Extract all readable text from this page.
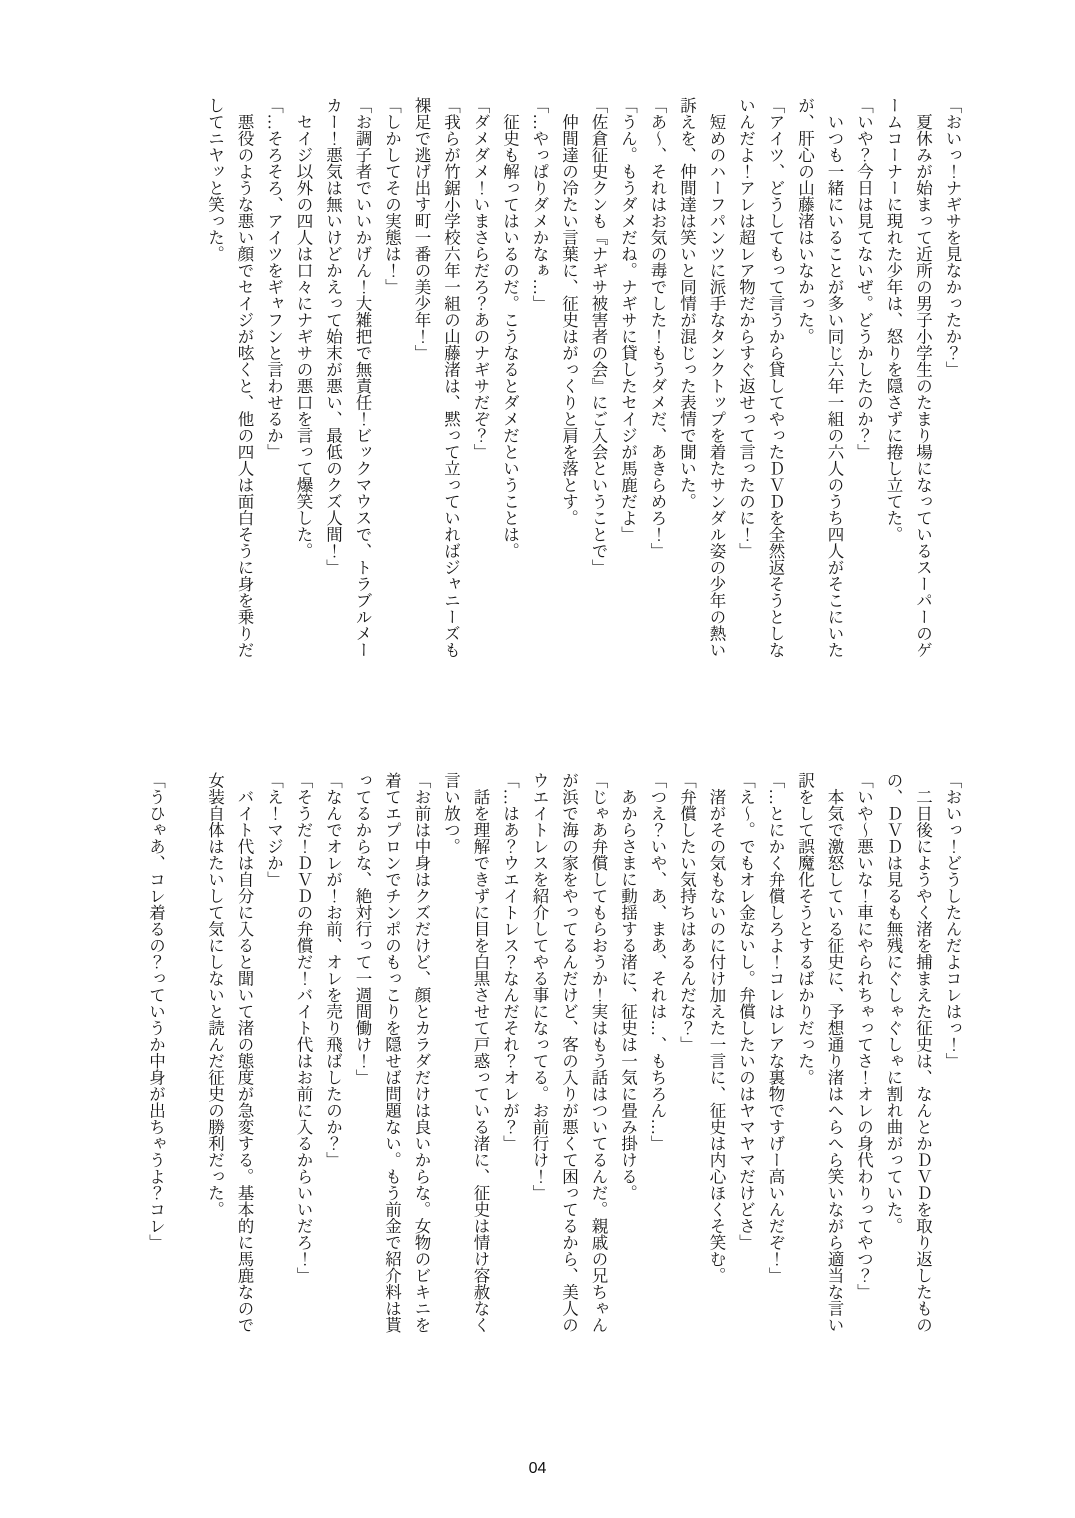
「おいっ！ナギサを見なかったか？」
　夏休みが始まって近所の男子小学生のたまり場になっているスーパーのゲ
ームコーナーに現れた少年は、怒りを隠さずに捲し立てた。
「いや？今日は見てないぜ。どうかしたのか？」
　いつも一緒にいることが多い同じ六年一組の六人のうち四人がそこにいた
が、肝心の山藤渚はいなかった。
「アイツ、どうしてもって言うから貸してやったＤＶＤを全然返そうとしな
いんだよ！アレは超レア物だからすぐ返せって言ったのに！」
　短めのハーフパンツに派手なタンクトップを着たサンダル姿の少年の熱い
訴えを、仲間達は笑いと同情が混じった表情で聞いた。
「あ〜、それはお気の毒でした！もうダメだ、あきらめろ！」
「うん。もうダメだね。ナギサに貸したセイジが馬鹿だよ」
「佐倉征史クンも『ナギサ被害者の会』にご入会ということで」
　仲間達の冷たい言葉に、征史はがっくりと肩を落とす。
「…やっぱりダメかなぁ…」
　征史も解ってはいるのだ。こうなるとダメだということは。
「ダメダメ！いまさらだろ？あのナギサだぞ？」
「我らが竹鋸小学校六年一組の山藤渚は、黙って立っていればジャニーズも
裸足で逃げ出す町一番の美少年！」
「しかしてその実態は！」
「お調子者でいいかげん！大雑把で無責任！ビックマウスで、トラブルメー
カー！悪気は無いけどかえって始末が悪い、最低のクズ人間！」
　セイジ以外の四人は口々にナギサの悪口を言って爆笑した。
「…そろそろ、アイツをギャフンと言わせるか」
　悪役のような悪い顔でセイジが呟くと、他の四人は面白そうに身を乗りだ
してニヤッと笑った。
「おいっ！どうしたんだよコレはっ！」
　二日後にようやく渚を捕まえた征史は、なんとかＤＶＤを取り返したもの
の、ＤＶＤは見るも無残にぐしゃぐしゃに割れ曲がっていた。
「いや〜悪いな！車にやられちゃってさ！オレの身代わりってやつ？」
　本気で激怒している征史に、予想通り渚はへらへら笑いながら適当な言い
訳をして誤魔化そうとするばかりだった。
「…とにかく弁償しろよ！コレはレアな裏物ですげー高いんだぞ！」
「え〜。でもオレ金ないし。弁償したいのはヤマヤマだけどさ」
　渚がその気もないのに付け加えた一言に、征史は内心ほくそ笑む。
「弁償したい気持ちはあるんだな？」
「つえ？いや、あ、まあ、それは…、もちろん…」
　あからさまに動揺する渚に、征史は一気に畳み掛ける。
「じゃあ弁償してもらおうか！実はもう話はついてるんだ。親戚の兄ちゃん
が浜で海の家をやってるんだけど、客の入りが悪くて困ってるから、美人の
ウエイトレスを紹介してやる事になってる。お前行け！」
「…はあ？ウエイトレス？なんだそれ？オレが？」
　話を理解できずに目を白黒させて戸惑っている渚に、征史は情け容赦なく
言い放つ。
「お前は中身はクズだけど、顔とカラダだけは良いからな。女物のビキニを
着てエプロンでチンポのもっこりを隠せば問題ない。もう前金で紹介料は貰
ってるからな、絶対行って一週間働け！」
「なんでオレが！お前、オレを売り飛ばしたのか？」
「そうだ！ＤＶＤの弁償だ！バイト代はお前に入るからいいだろ！」
「え！マジか」
　バイト代は自分に入ると聞いて渚の態度が急変する。基本的に馬鹿なので
女装自体はたいして気にしないと読んだ征史の勝利だった。

「うひゃあ、コレ着るの？っていうか中身が出ちゃうよ？コレ」
04
